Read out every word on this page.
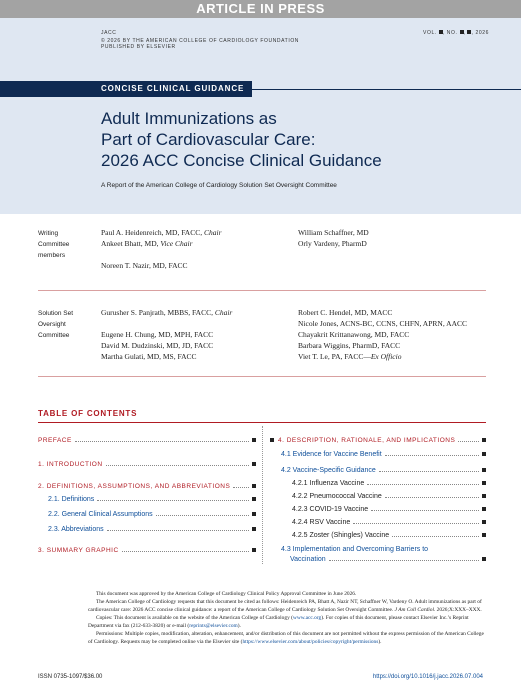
ARTICLE IN PRESS
JACC
© 2026 BY THE AMERICAN COLLEGE OF CARDIOLOGY FOUNDATION
PUBLISHED BY ELSEVIER
VOL. , NO. , , 2026
CONCISE CLINICAL GUIDANCE
Adult Immunizations as
Part of Cardiovascular Care:
2026 ACC Concise Clinical Guidance
A Report of the American College of Cardiology Solution Set Oversight Committee
Writing
Committee
members
Paul A. Heidenreich, MD, FACC, Chair
Ankeet Bhatt, MD, Vice Chair
Noreen T. Nazir, MD, FACC
William Schaffner, MD
Orly Vardeny, PharmD
Solution Set
Oversight
Committee
Gurusher S. Panjrath, MBBS, FACC, Chair
Eugene H. Chung, MD, MPH, FACC
David M. Dudzinski, MD, JD, FACC
Martha Gulati, MD, MS, FACC
Robert C. Hendel, MD, MACC
Nicole Jones, ACNS-BC, CCNS, CHFN, APRN, AACC
Chayakrit Krittanawong, MD, FACC
Barbara Wiggins, PharmD, FACC
Viet T. Le, PA, FACC—Ex Officio
TABLE OF CONTENTS
PREFACE
1. INTRODUCTION
2. DEFINITIONS, ASSUMPTIONS, AND ABBREVIATIONS
2.1. Definitions
2.2. General Clinical Assumptions
2.3. Abbreviations
3. SUMMARY GRAPHIC
4. DESCRIPTION, RATIONALE, AND IMPLICATIONS
4.1 Evidence for Vaccine Benefit
4.2 Vaccine-Specific Guidance
4.2.1 Influenza Vaccine
4.2.2 Pneumococcal Vaccine
4.2.3 COVID-19 Vaccine
4.2.4 RSV Vaccine
4.2.5 Zoster (Shingles) Vaccine
4.3 Implementation and Overcoming Barriers to
Vaccination

This document was approved by the American College of Cardiology Clinical Policy Approval Committee in June 2026.

The American College of Cardiology requests that this document be cited as follows: Heidenreich PA, Bhatt A, Nazir NT, Schaffner W, Vardeny O. Adult immunizations as part of cardiovascular care: 2026 ACC concise clinical guidance: a report of the American College of Cardiology Solution Set Oversight Committee. J Am Coll Cardiol. 2026;X:XXX–XXX.

Copies: This document is available on the website of the American College of Cardiology (www.acc.org). For copies of this document, please contact Elsevier Inc.’s Reprint Department via fax (212-633-3820) or e-mail (reprints@elsevier.com).

Permissions: Multiple copies, modification, alteration, enhancement, and/or distribution of this document are not permitted without the express permission of the American College of Cardiology. Requests may be completed online via the Elsevier site (https://www.elsevier.com/about/policies/copyright/permissions).

ISSN 0735-1097/$36.00	https://doi.org/10.1016/j.jacc.2026.07.004
